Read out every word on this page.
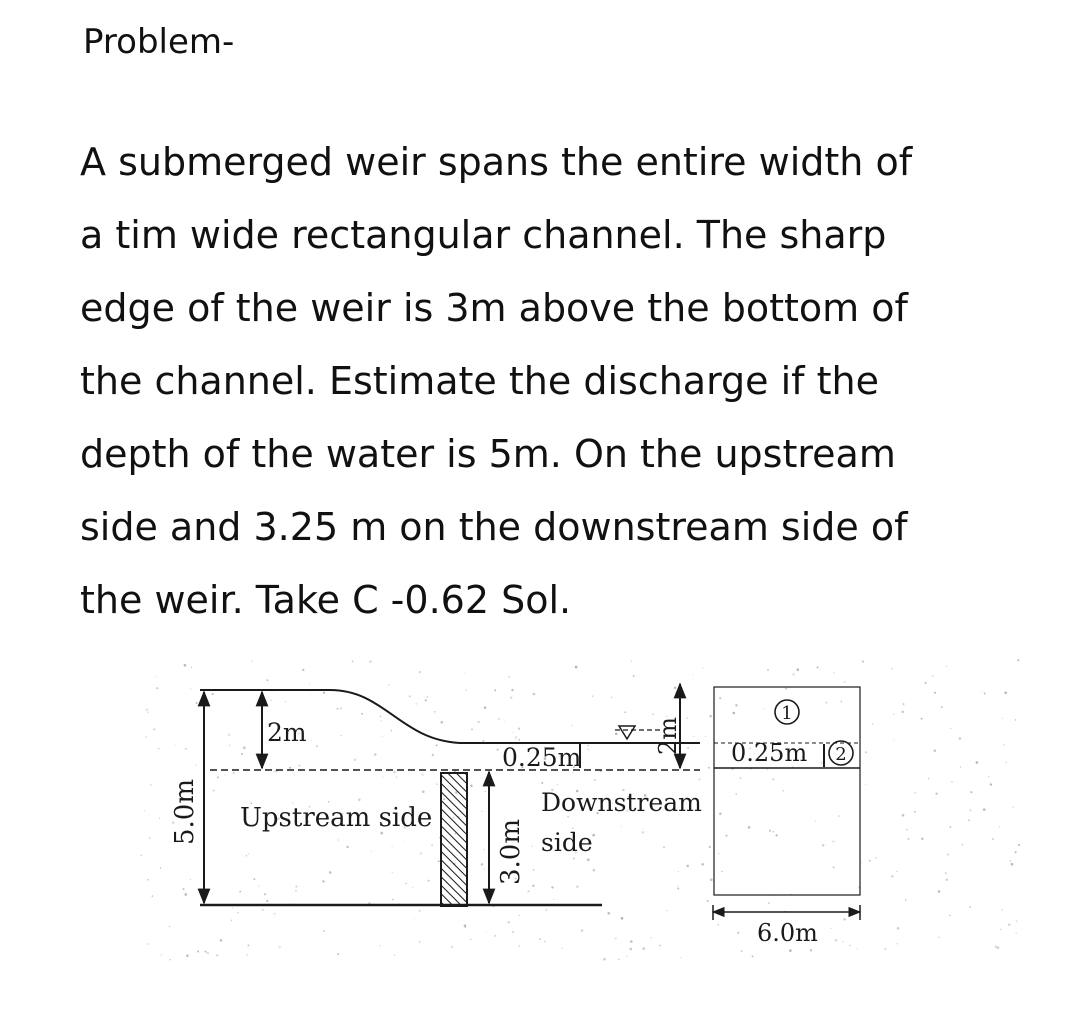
Problem-
A submerged weir spans the entire width of
a tim wide rectangular channel. The sharp
edge of the weir is 3m above the bottom of
the channel. Estimate the discharge if the
depth of the water is 5m. On the upstream
side and 3.25 m on the downstream side of
the weir. Take C -0.62 Sol.
5.0m
2m
0.25m
3.0m
2m
Upstream side
Downstream
side
1
0.25m 2
6.0m
